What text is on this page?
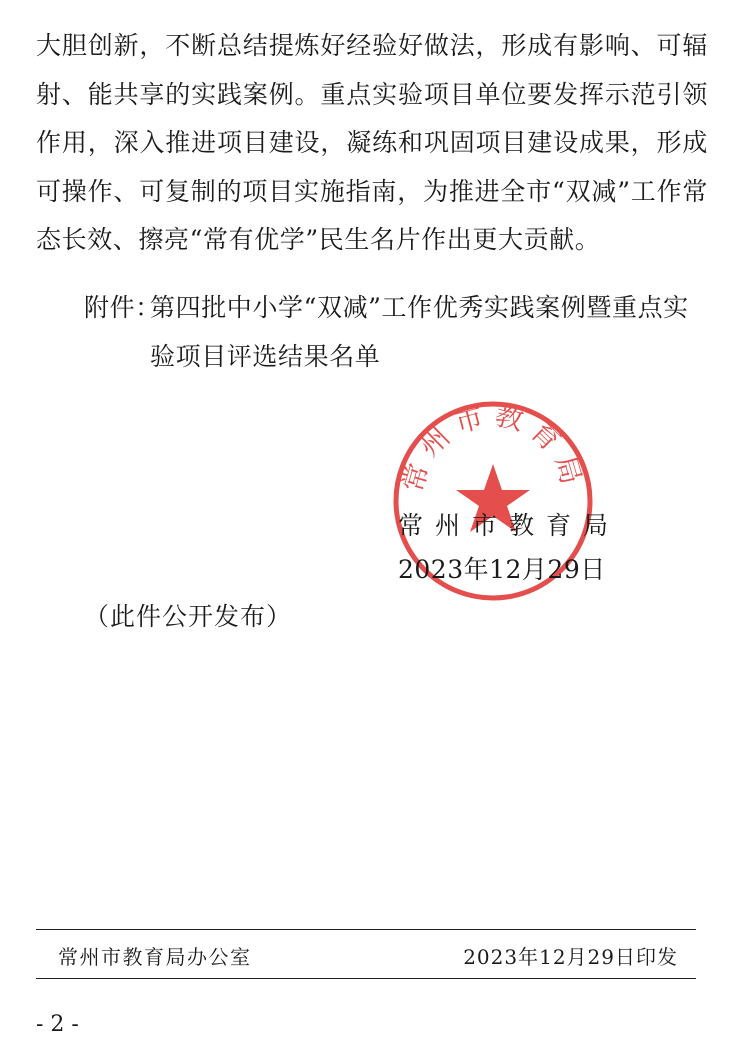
大胆创新，不断总结提炼好经验好做法，形成有影响、可辐射、能共享的实践案例。重点实验项目单位要发挥示范引领作用，深入推进项目建设，凝练和巩固项目建设成果，形成可操作、可复制的项目实施指南，为推进全市“双减”工作常态长效、擦亮“常有优学”民生名片作出更大贡献。

附件：
第四批中小学“双减”工作优秀实践案例暨重点实验项目评选结果名单
常州市教育局
常州市教育局
2023年12月29日
（此件公开发布）
常州市教育局办公室	2023年12月29日印发
- 2 -
